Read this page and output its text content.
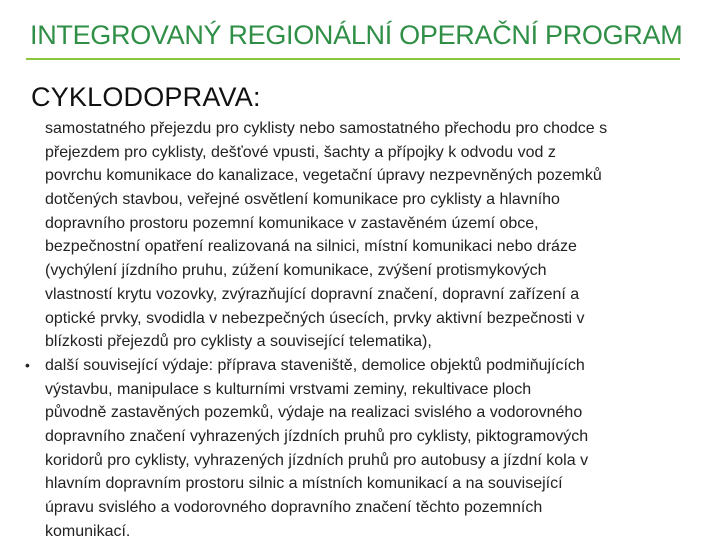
INTEGROVANÝ REGIONÁLNÍ OPERAČNÍ PROGRAM
CYKLODOPRAVA:
samostatného přejezdu pro cyklisty nebo samostatného přechodu pro chodce s
přejezdem pro cyklisty, dešťové vpusti, šachty a přípojky k odvodu vod z
povrchu komunikace do kanalizace, vegetační úpravy nezpevněných pozemků
dotčených stavbou, veřejné osvětlení komunikace pro cyklisty a hlavního
dopravního prostoru pozemní komunikace v zastavěném území obce,
bezpečnostní opatření realizovaná na silnici, místní komunikaci nebo dráze
(vychýlení jízdního pruhu, zúžení komunikace, zvýšení protismykových
vlastností krytu vozovky, zvýrazňující dopravní značení, dopravní zařízení a
optické prvky, svodidla v nebezpečných úsecích, prvky aktivní bezpečnosti v
blízkosti přejezdů pro cyklisty a související telematika),
• další související výdaje: příprava staveniště, demolice objektů podmiňujících
výstavbu, manipulace s kulturními vrstvami zeminy, rekultivace ploch
původně zastavěných pozemků, výdaje na realizaci svislého a vodorovného
dopravního značení vyhrazených jízdních pruhů pro cyklisty, piktogramových
koridorů pro cyklisty, vyhrazených jízdních pruhů pro autobusy a jízdní kola v
hlavním dopravním prostoru silnic a místních komunikací a na související
úpravu svislého a vodorovného dopravního značení těchto pozemních
komunikací.
